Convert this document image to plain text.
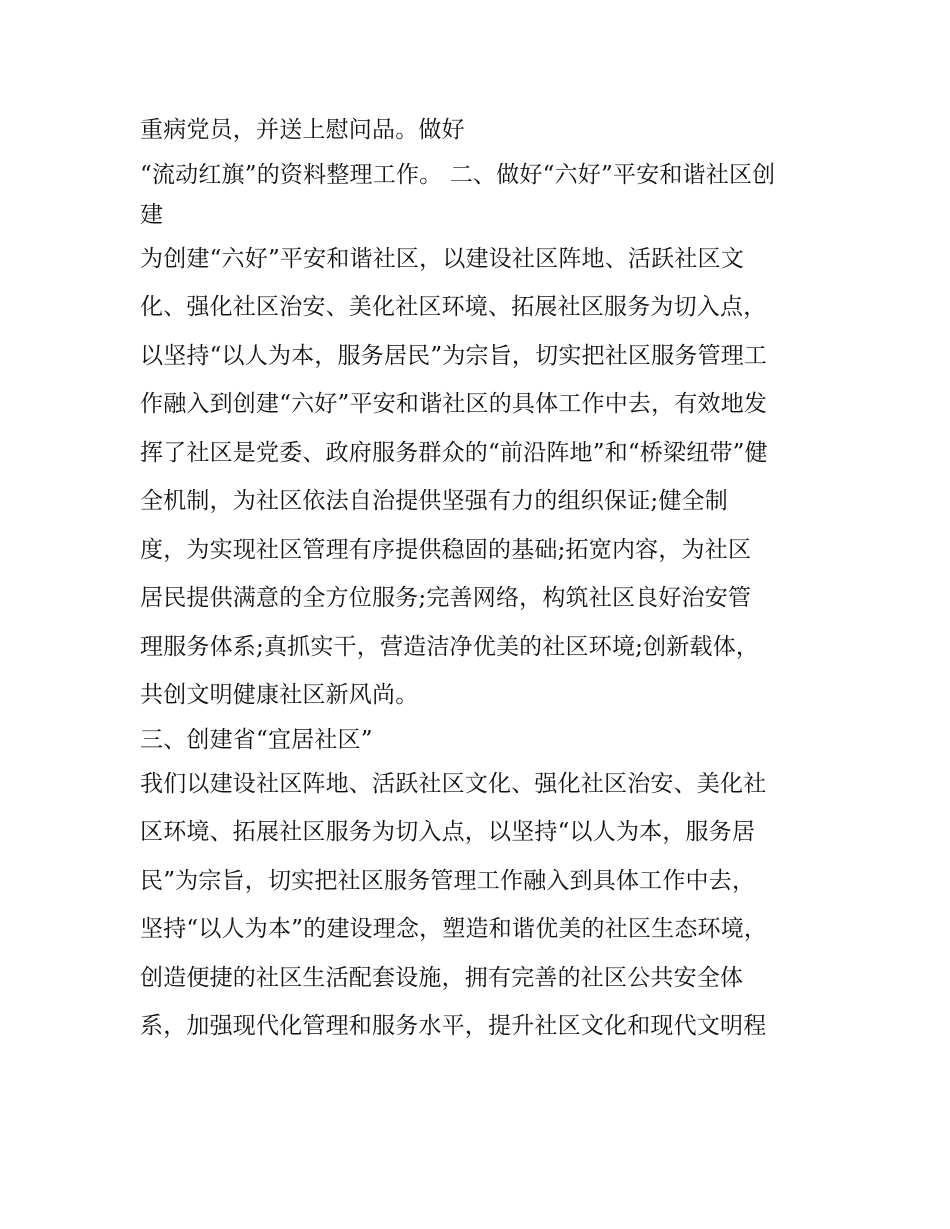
重病党员，并送上慰问品。做好
“流动红旗”的资料整理工作。 二、做好“六好”平安和谐社区创
建
为创建“六好”平安和谐社区，以建设社区阵地、活跃社区文
化、强化社区治安、美化社区环境、拓展社区服务为切入点，
以坚持“以人为本，服务居民”为宗旨，切实把社区服务管理工
作融入到创建“六好”平安和谐社区的具体工作中去，有效地发
挥了社区是党委、政府服务群众的“前沿阵地”和“桥梁纽带”健
全机制，为社区依法自治提供坚强有力的组织保证;健全制
度，为实现社区管理有序提供稳固的基础;拓宽内容，为社区
居民提供满意的全方位服务;完善网络，构筑社区良好治安管
理服务体系;真抓实干，营造洁净优美的社区环境;创新载体，
共创文明健康社区新风尚。
三、创建省“宜居社区”
我们以建设社区阵地、活跃社区文化、强化社区治安、美化社
区环境、拓展社区服务为切入点，以坚持“以人为本，服务居
民”为宗旨，切实把社区服务管理工作融入到具体工作中去，
坚持“以人为本”的建设理念，塑造和谐优美的社区生态环境，
创造便捷的社区生活配套设施，拥有完善的社区公共安全体
系，加强现代化管理和服务水平，提升社区文化和现代文明程
